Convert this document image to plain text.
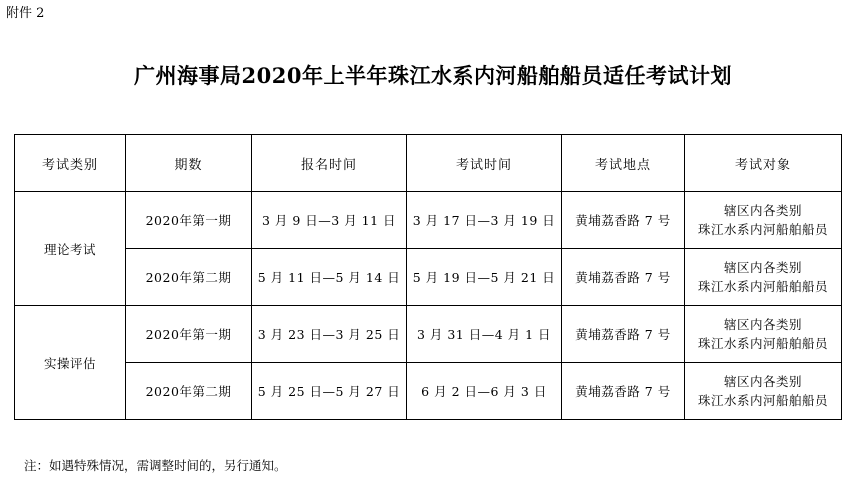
附件 2
广州海事局2020年上半年珠江水系内河船舶船员适任考试计划
考试类别	期数	报名时间	考试时间	考试地点	考试对象
理论考试	2020年第一期	3 月 9 日—3 月 11 日	3 月 17 日—3 月 19 日	黄埔荔香路 7 号	辖区内各类别
珠江水系内河船舶船员

	2020年第二期	5 月 11 日—5 月 14 日	5 月 19 日—5 月 21 日	黄埔荔香路 7 号	辖区内各类别
珠江水系内河船舶船员

实操评估	2020年第一期	3 月 23 日—3 月 25 日	3 月 31 日—4 月 1 日	黄埔荔香路 7 号	辖区内各类别
珠江水系内河船舶船员

	2020年第二期	5 月 25 日—5 月 27 日	6 月 2 日—6 月 3 日	黄埔荔香路 7 号	辖区内各类别
珠江水系内河船舶船员
注：如遇特殊情况，需调整时间的，另行通知。
